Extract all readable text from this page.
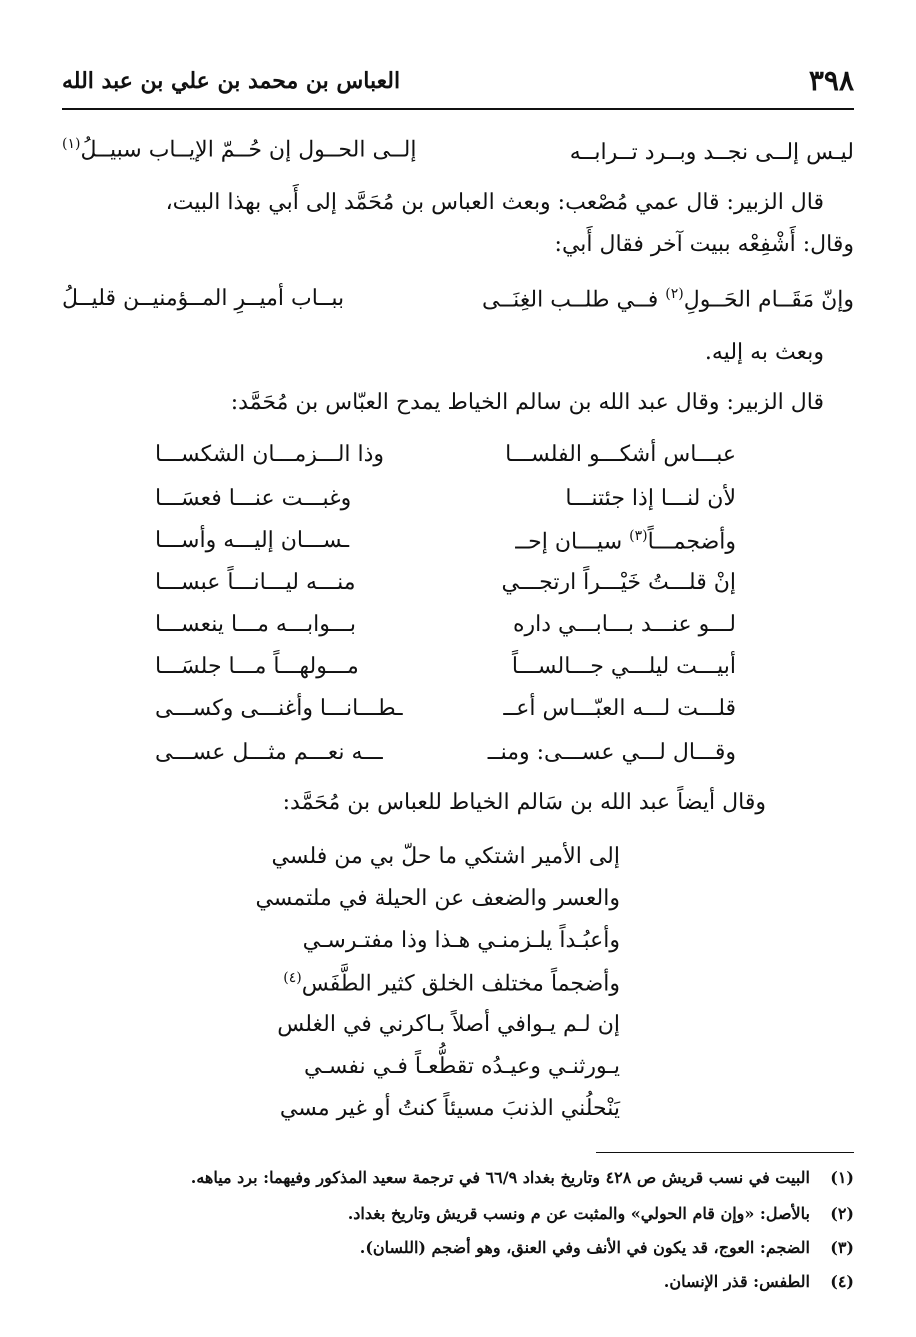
٣٩٨
العباس بن محمد بن علي بن عبد الله
ليـس إلــى نجــد وبــرد تــرابــه
إلــى الحــول إن حُــمّ الإيــاب سبيــلُ$^{(١)}$
قال الزبير: قال عمي مُصْعب: وبعث العباس بن مُحَمَّد إلى أَبي بهذا البيت،
وقال: أَشْفِعْه ببيت آخر فقال أَبي:
وإنّ مَقَــام الحَــولِ$^{(٢)}$ فــي طلــب الغِنَــى
ببــاب أميــرِ المــؤمنيــن قليــلُ
وبعث به إليه.
قال الزبير: وقال عبد الله بن سالم الخياط يمدح العبّاس بن مُحَمَّد:
عبـــاس أشكـــو الفلســـا
وذا الـــزمـــان الشكســـا
لأن لنـــا إذا جئتنـــا
وغبـــت عنـــا فعسَـــا
وأضجمـــاً$^{(٣)}$ سيـــان إحــ
ـســـان إليـــه وأســـا
إنْ قلـــتُ خَيْـــراً ارتجـــي
منـــه ليـــانـــاً عبســـا
لـــو عنـــد بـــابـــي داره
بـــوابـــه مـــا ينعســـا
أبيـــت ليلـــي جـــالســـاً
مـــولهـــاً مـــا جلسَـــا
قلـــت لـــه العبّـــاس أعــ
ـطـــانـــا وأغنـــى وكســـى
وقـــال لـــي عســـى: ومنــ
ـــه نعـــم مثـــل عســـى
وقال أيضاً عبد الله بن سَالم الخياط للعباس بن مُحَمَّد:
إلى الأمير اشتكي ما حلّ بي من فلسي
والعسر والضعف عن الحيلة في ملتمسي
وأعبُـداً يلـزمنـي هـذا وذا مفتـرسـي
وأضجماً مختلف الخلق كثير الطَّفَس$^{(٤)}$
إن لـم يـوافي أصلاً بـاكرني في الغلس
يـورثنـي وعيـدُه تقطُّعـاً فـي نفسـي
يَنْحلُني الذنبَ مسيئاً كنتُ أو غير مسي
(١)البيت في نسب قريش ص ٤٢٨ وتاريخ بغداد ٦٦/٩ في ترجمة سعيد المذكور وفيهما: برد مياهه.
(٢)بالأصل: «وإن قام الحولي» والمثبت عن م ونسب قريش وتاريخ بغداد.
(٣)الضجم: العوج، قد يكون في الأنف وفي العنق، وهو أضجم (اللسان).
(٤)الطفس: قذر الإنسان.
